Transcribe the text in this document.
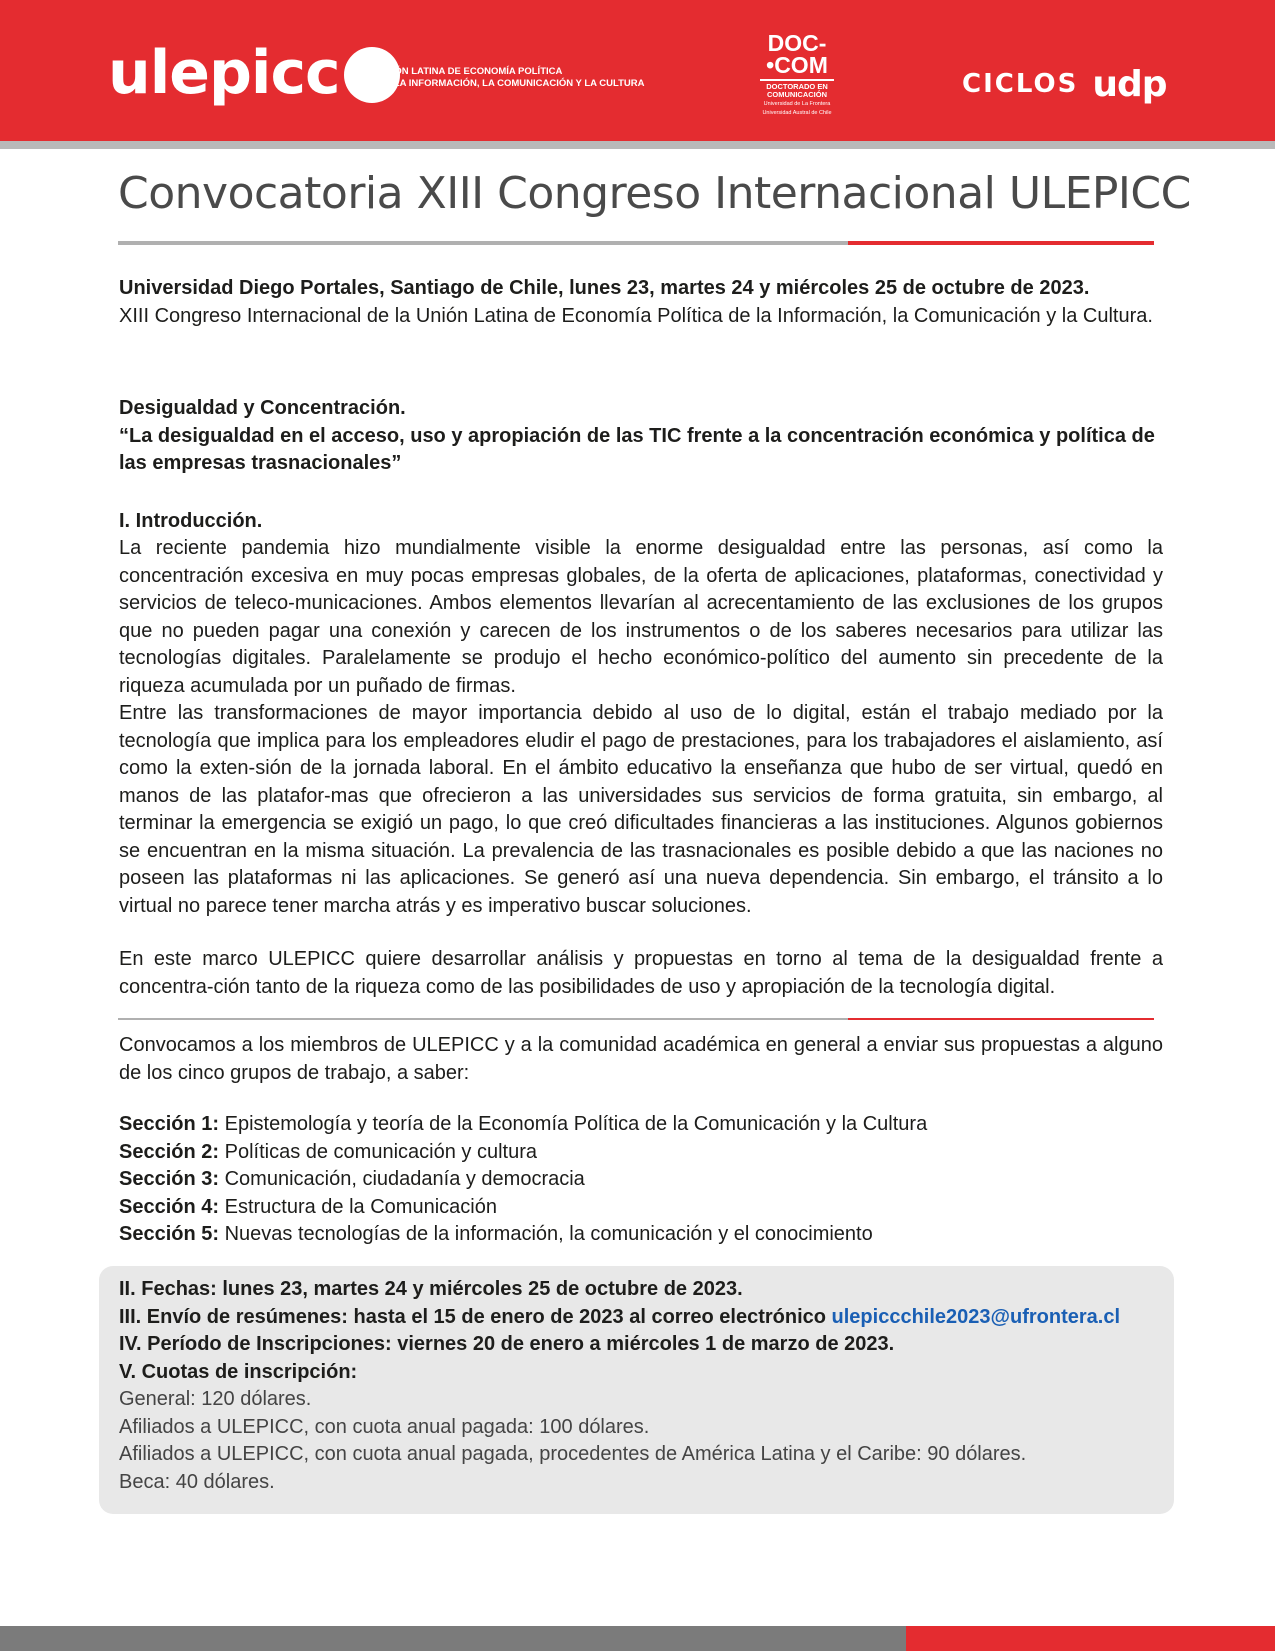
ulepicc	UNIÓN LATINA DE ECONOMÍA POLÍTICA
DE LA INFORMACIÓN, LA COMUNICACIÓN Y LA CULTURA
DOC-
•COM
DOCTORADO EN
COMUNICACIÓN
Universidad de La Frontera
Universidad Austral de Chile
CICLOS udp
Convocatoria XIII Congreso Internacional ULEPICC
Universidad Diego Portales, Santiago de Chile, lunes 23, martes 24 y miércoles 25 de octubre de 2023.
XIII Congreso Internacional de la Unión Latina de Economía Política de la Información, la Comunicación y la Cultura.
Desigualdad y Concentración.
“La desigualdad en el acceso, uso y apropiación de las TIC frente a la concentración económica y política de las empresas trasnacionales”
I. Introducción.
La reciente pandemia hizo mundialmente visible la enorme desigualdad entre las personas, así como la concentración excesiva en muy pocas empresas globales, de la oferta de aplicaciones, plataformas, conectividad y servicios de teleco-municaciones. Ambos elementos llevarían al acrecentamiento de las exclusiones de los grupos que no pueden pagar una conexión y carecen de los instrumentos o de los saberes necesarios para utilizar las tecnologías digitales. Paralelamente se produjo el hecho económico-político del aumento sin precedente de la riqueza acumulada por un puñado de firmas.
Entre las transformaciones de mayor importancia debido al uso de lo digital, están el trabajo mediado por la tecnología que implica para los empleadores eludir el pago de prestaciones, para los trabajadores el aislamiento, así como la exten-sión de la jornada laboral. En el ámbito educativo la enseñanza que hubo de ser virtual, quedó en manos de las platafor-mas que ofrecieron a las universidades sus servicios de forma gratuita, sin embargo, al terminar la emergencia se exigió un pago, lo que creó dificultades financieras a las instituciones. Algunos gobiernos se encuentran en la misma situación. La prevalencia de las trasnacionales es posible debido a que las naciones no poseen las plataformas ni las aplicaciones. Se generó así una nueva dependencia. Sin embargo, el tránsito a lo virtual no parece tener marcha atrás y es imperativo buscar soluciones.
En este marco ULEPICC quiere desarrollar análisis y propuestas en torno al tema de la desigualdad frente a concentra-ción tanto de la riqueza como de las posibilidades de uso y apropiación de la tecnología digital.
Convocamos a los miembros de ULEPICC y a la comunidad académica en general a enviar sus propuestas a alguno de los cinco grupos de trabajo, a saber:
Sección 1: Epistemología y teoría de la Economía Política de la Comunicación y la Cultura
Sección 2: Políticas de comunicación y cultura
Sección 3: Comunicación, ciudadanía y democracia
Sección 4: Estructura de la Comunicación
Sección 5: Nuevas tecnologías de la información, la comunicación y el conocimiento
II. Fechas: lunes 23, martes 24 y miércoles 25 de octubre de 2023.
III. Envío de resúmenes: hasta el 15 de enero de 2023 al correo electrónico ulepiccchile2023@ufrontera.cl
IV. Período de Inscripciones: viernes 20 de enero a miércoles 1 de marzo de 2023.
V. Cuotas de inscripción:
General: 120 dólares.
Afiliados a ULEPICC, con cuota anual pagada: 100 dólares.
Afiliados a ULEPICC, con cuota anual pagada, procedentes de América Latina y el Caribe: 90 dólares.
Beca: 40 dólares.
